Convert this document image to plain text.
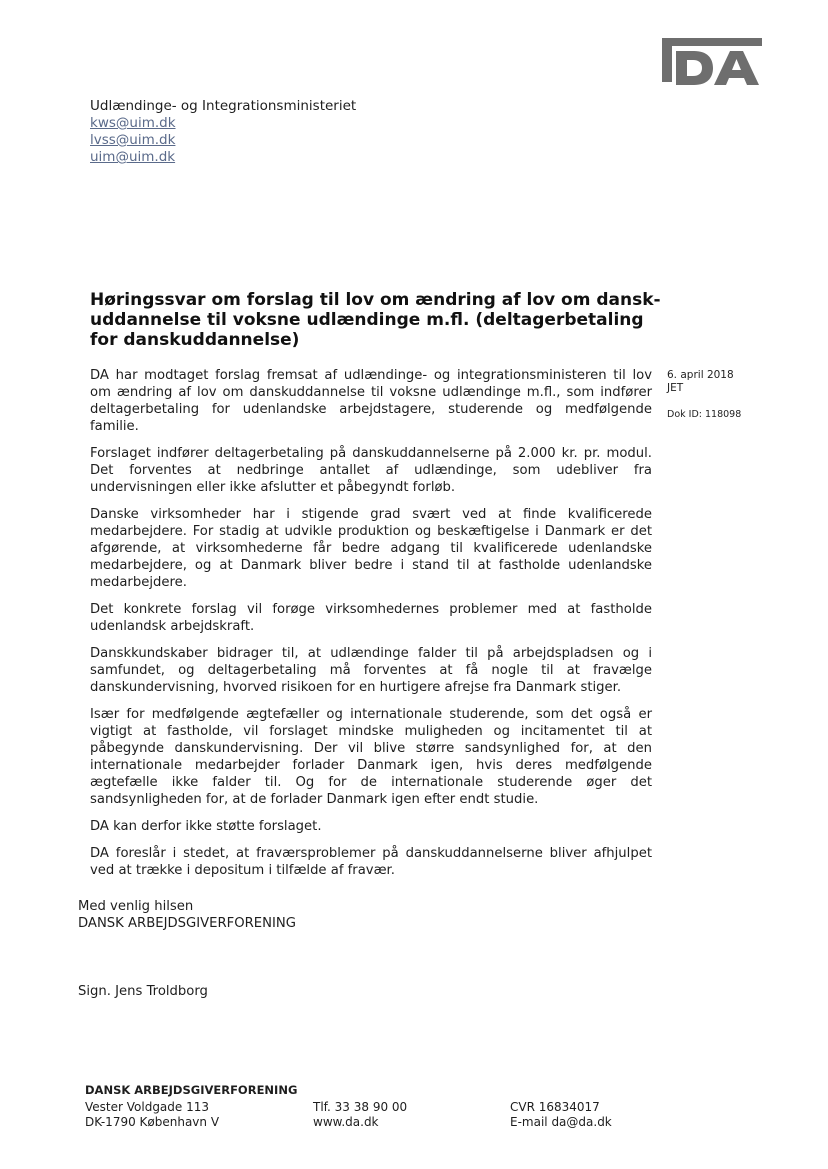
Udlændinge- og Integrationsministeriet
kws@uim.dk
lvss@uim.dk
uim@uim.dk
Høringssvar om forslag til lov om ændring af lov om dansk-uddannelse til voksne udlændinge m.fl. (deltagerbetaling for danskuddannelse)
6. april 2018
JET
Dok ID: 118098

DA har modtaget forslag fremsat af udlændinge- og integrationsministeren til lov om ændring af lov om danskuddannelse til voksne udlændinge m.fl., som indfører deltagerbetaling for udenlandske arbejdstagere, studerende og medfølgende familie.

Forslaget indfører deltagerbetaling på danskuddannelserne på 2.000 kr. pr. modul. Det forventes at nedbringe antallet af udlændinge, som udebliver fra undervisningen eller ikke afslutter et påbegyndt forløb.

Danske virksomheder har i stigende grad svært ved at finde kvalificerede medarbejdere. For stadig at udvikle produktion og beskæftigelse i Danmark er det afgørende, at virksomhederne får bedre adgang til kvalificerede udenlandske medarbejdere, og at Danmark bliver bedre i stand til at fastholde udenlandske medarbejdere.

Det konkrete forslag vil forøge virksomhedernes problemer med at fastholde udenlandsk arbejdskraft.

Danskkundskaber bidrager til, at udlændinge falder til på arbejdspladsen og i samfundet, og deltagerbetaling må forventes at få nogle til at fravælge danskundervisning, hvorved risikoen for en hurtigere afrejse fra Danmark stiger.

Især for medfølgende ægtefæller og internationale studerende, som det også er vigtigt at fastholde, vil forslaget mindske muligheden og incitamentet til at påbegynde danskundervisning. Der vil blive større sandsynlighed for, at den internationale medarbejder forlader Danmark igen, hvis deres medfølgende ægtefælle ikke falder til. Og for de internationale studerende øger det sandsynligheden for, at de forlader Danmark igen efter endt studie.

DA kan derfor ikke støtte forslaget.

DA foreslår i stedet, at fraværsproblemer på danskuddannelserne bliver afhjulpet ved at trække i depositum i tilfælde af fravær.

Med venlig hilsen
DANSK ARBEJDSGIVERFORENING
Sign. Jens Troldborg
DANSK ARBEJDSGIVERFORENING
Vester Voldgade 113
DK-1790 København V
Tlf. 33 38 90 00
www.da.dk
CVR 16834017
E-mail da@da.dk
